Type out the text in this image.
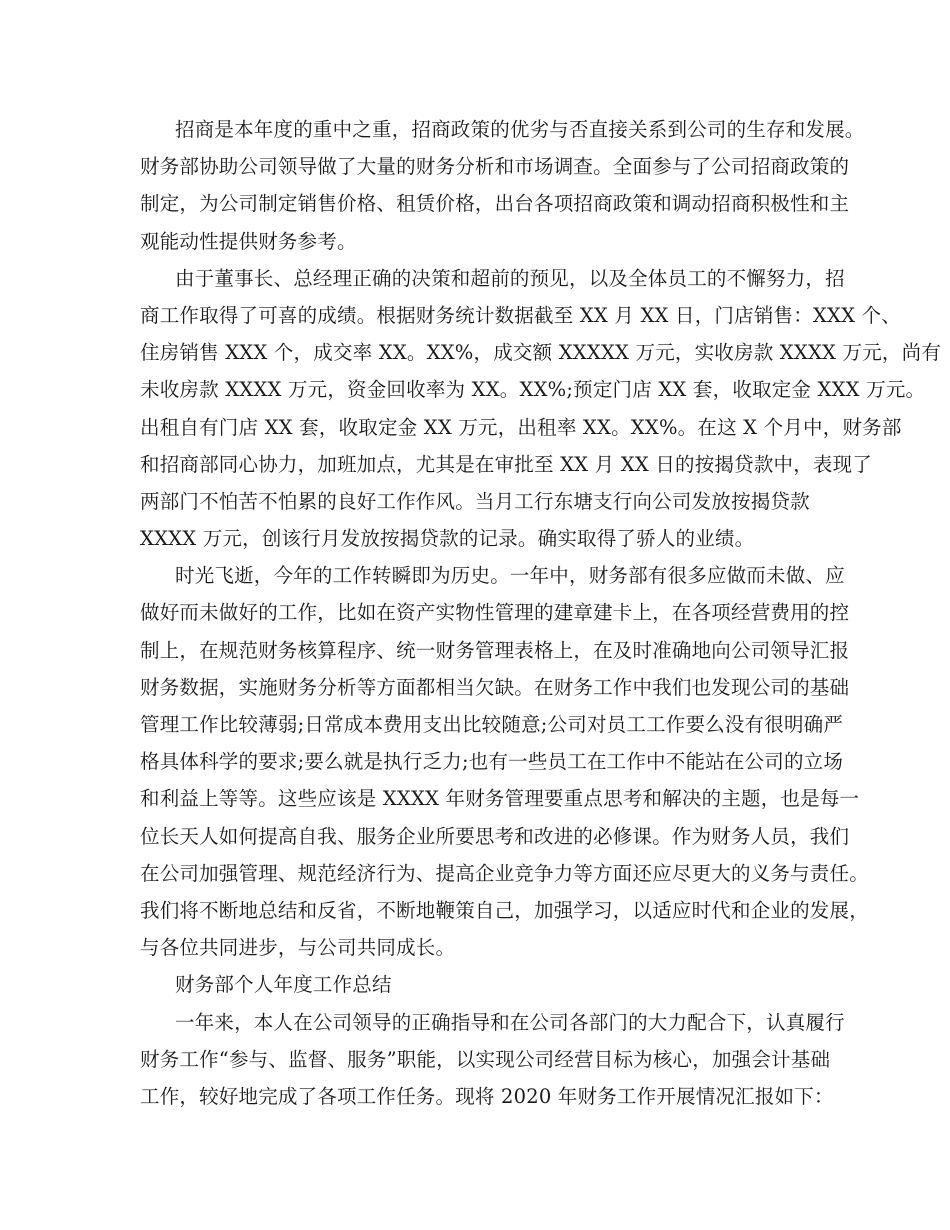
招商是本年度的重中之重，招商政策的优劣与否直接关系到公司的生存和发展。
财务部协助公司领导做了大量的财务分析和市场调查。全面参与了公司招商政策的
制定，为公司制定销售价格、租赁价格，出台各项招商政策和调动招商积极性和主
观能动性提供财务参考。
由于董事长、总经理正确的决策和超前的预见，以及全体员工的不懈努力，招
商工作取得了可喜的成绩。根据财务统计数据截至 XX 月 XX 日，门店销售：XXX 个、
住房销售 XXX 个，成交率 XX。XX%，成交额 XXXXX 万元，实收房款 XXXX 万元，尚有
未收房款 XXXX 万元，资金回收率为 XX。XX%;预定门店 XX 套，收取定金 XXX 万元。
出租自有门店 XX 套，收取定金 XX 万元，出租率 XX。XX%。在这 X 个月中，财务部
和招商部同心协力，加班加点，尤其是在审批至 XX 月 XX 日的按揭贷款中，表现了
两部门不怕苦不怕累的良好工作作风。当月工行东塘支行向公司发放按揭贷款
XXXX 万元，创该行月发放按揭贷款的记录。确实取得了骄人的业绩。
时光飞逝，今年的工作转瞬即为历史。一年中，财务部有很多应做而未做、应
做好而未做好的工作，比如在资产实物性管理的建章建卡上，在各项经营费用的控
制上，在规范财务核算程序、统一财务管理表格上，在及时准确地向公司领导汇报
财务数据，实施财务分析等方面都相当欠缺。在财务工作中我们也发现公司的基础
管理工作比较薄弱;日常成本费用支出比较随意;公司对员工工作要么没有很明确严
格具体科学的要求;要么就是执行乏力;也有一些员工在工作中不能站在公司的立场
和利益上等等。这些应该是 XXXX 年财务管理要重点思考和解决的主题，也是每一
位长天人如何提高自我、服务企业所要思考和改进的必修课。作为财务人员，我们
在公司加强管理、规范经济行为、提高企业竞争力等方面还应尽更大的义务与责任。
我们将不断地总结和反省，不断地鞭策自己，加强学习，以适应时代和企业的发展，
与各位共同进步，与公司共同成长。
财务部个人年度工作总结
一年来，本人在公司领导的正确指导和在公司各部门的大力配合下，认真履行
财务工作“参与、监督、服务”职能，以实现公司经营目标为核心，加强会计基础
工作，较好地完成了各项工作任务。现将 2020 年财务工作开展情况汇报如下：
